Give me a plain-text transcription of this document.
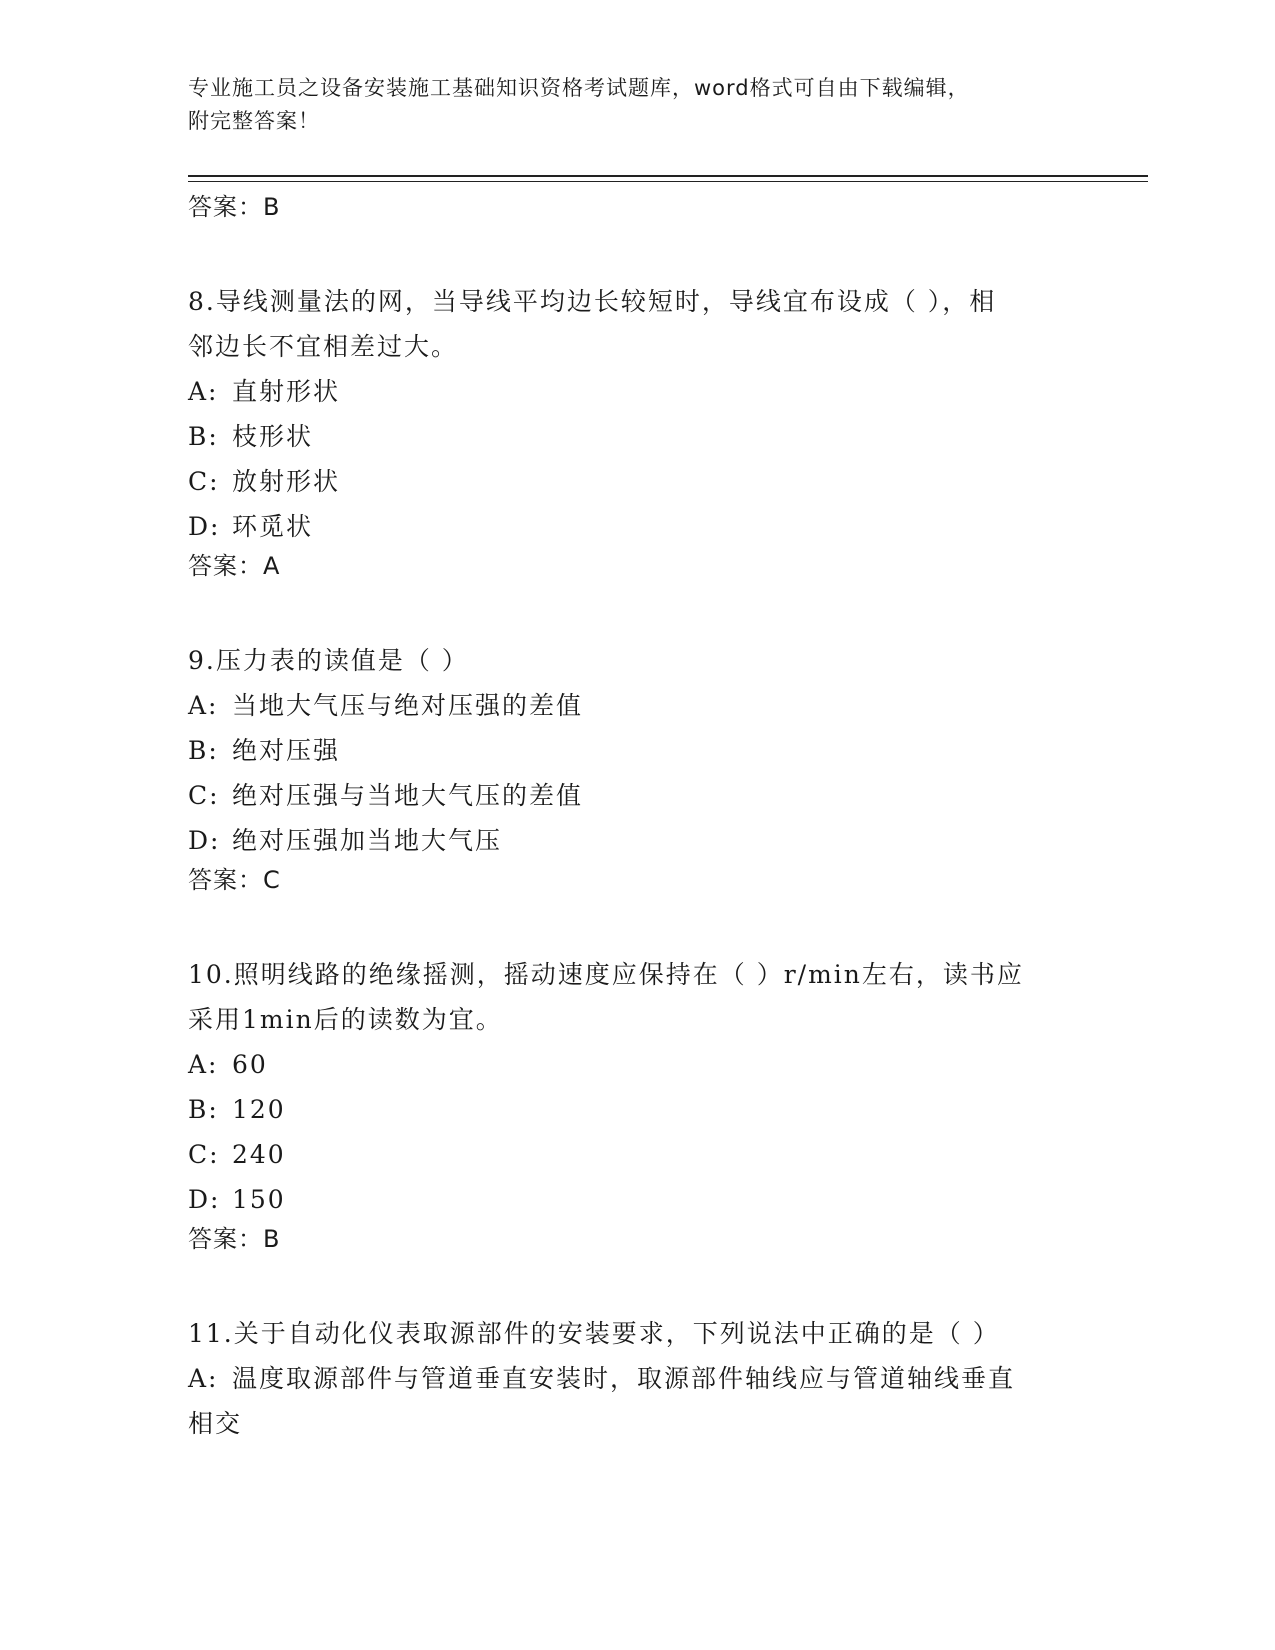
专业施工员之设备安装施工基础知识资格考试题库，word格式可自由下载编辑，
附完整答案！
答案：B
8.导线测量法的网，当导线平均边长较短时，导线宜布设成（ ），相
邻边长不宜相差过大。
A: 直射形状
B: 枝形状
C: 放射形状
D: 环觅状
答案：A
9.压力表的读值是（ ）
A: 当地大气压与绝对压强的差值
B: 绝对压强
C: 绝对压强与当地大气压的差值
D: 绝对压强加当地大气压
答案：C
10.照明线路的绝缘摇测，摇动速度应保持在（ ）r/min左右，读书应
采用1min后的读数为宜。
A: 60
B: 120
C: 240
D: 150
答案：B
11.关于自动化仪表取源部件的安装要求，下列说法中正确的是（ ）
A: 温度取源部件与管道垂直安装时，取源部件轴线应与管道轴线垂直
相交
